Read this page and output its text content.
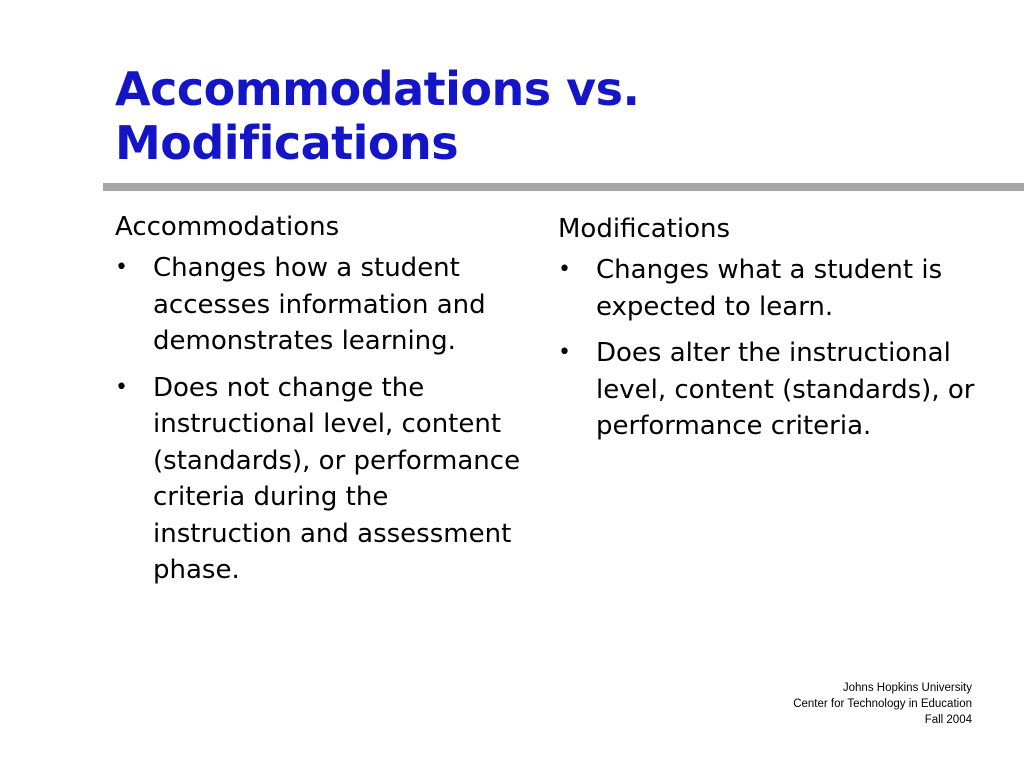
Accommodations vs.
Modifications
Accommodations
• Changes how a student accesses information and demonstrates learning.
• Does not change the instructional level, content (standards), or performance criteria during the instruction and assessment phase.
Modifications
• Changes what a student is expected to learn.
• Does alter the instructional level, content (standards), or performance criteria.
Johns Hopkins University
Center for Technology in Education
Fall 2004
